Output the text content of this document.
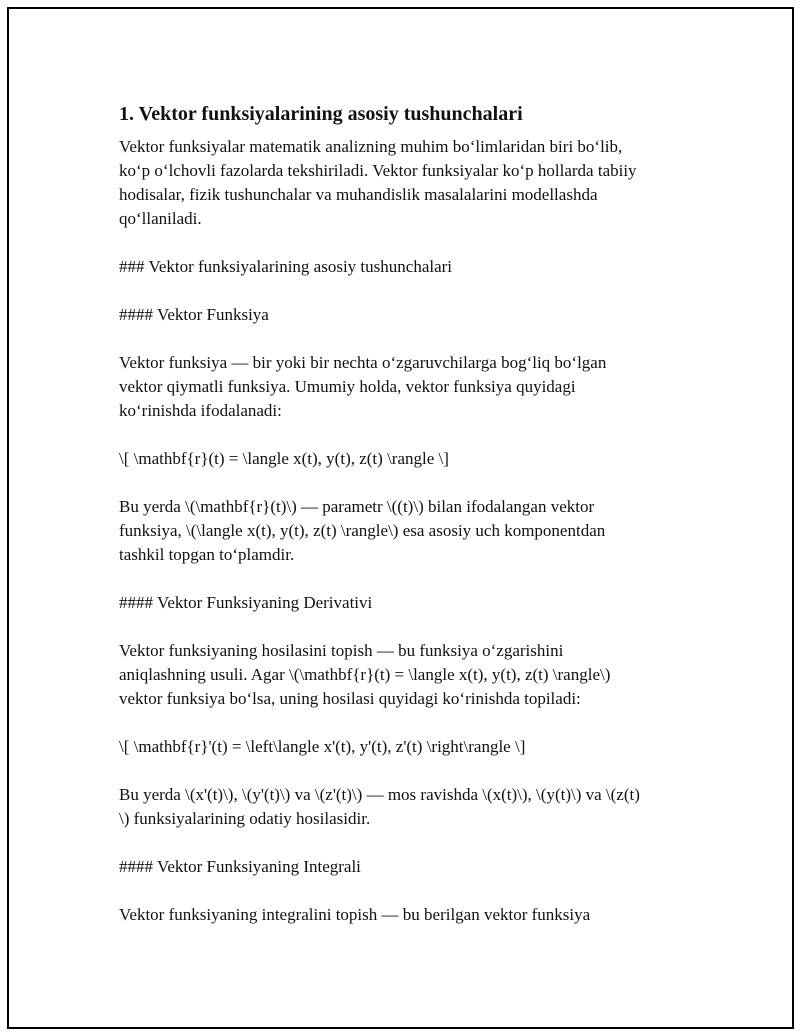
1. Vektor funksiyalarining asosiy tushunchalari

Vektor funksiyalar matematik analizning muhim bo‘limlaridan biri bo‘lib,
ko‘p o‘lchovli fazolarda tekshiriladi. Vektor funksiyalar ko‘p hollarda tabiiy
hodisalar, fizik tushunchalar va muhandislik masalalarini modellashda
qo‘llaniladi.

### Vektor funksiyalarining asosiy tushunchalari

#### Vektor Funksiya

Vektor funksiya — bir yoki bir nechta o‘zgaruvchilarga bog‘liq bo‘lgan
vektor qiymatli funksiya. Umumiy holda, vektor funksiya quyidagi
ko‘rinishda ifodalanadi:

\[ \mathbf{r}(t) = \langle x(t), y(t), z(t) \rangle \]

Bu yerda \(\mathbf{r}(t)\) — parametr \((t)\) bilan ifodalangan vektor
funksiya, \(\langle x(t), y(t), z(t) \rangle\) esa asosiy uch komponentdan
tashkil topgan to‘plamdir.

#### Vektor Funksiyaning Derivativi

Vektor funksiyaning hosilasini topish — bu funksiya o‘zgarishini
aniqlashning usuli. Agar \(\mathbf{r}(t) = \langle x(t), y(t), z(t) \rangle\)
vektor funksiya bo‘lsa, uning hosilasi quyidagi ko‘rinishda topiladi:

\[ \mathbf{r}'(t) = \left\langle x'(t), y'(t), z'(t) \right\rangle \]

Bu yerda \(x'(t)\), \(y'(t)\) va \(z'(t)\) — mos ravishda \(x(t)\), \(y(t)\) va \(z(t)
\) funksiyalarining odatiy hosilasidir.

#### Vektor Funksiyaning Integrali

Vektor funksiyaning integralini topish — bu berilgan vektor funksiya
